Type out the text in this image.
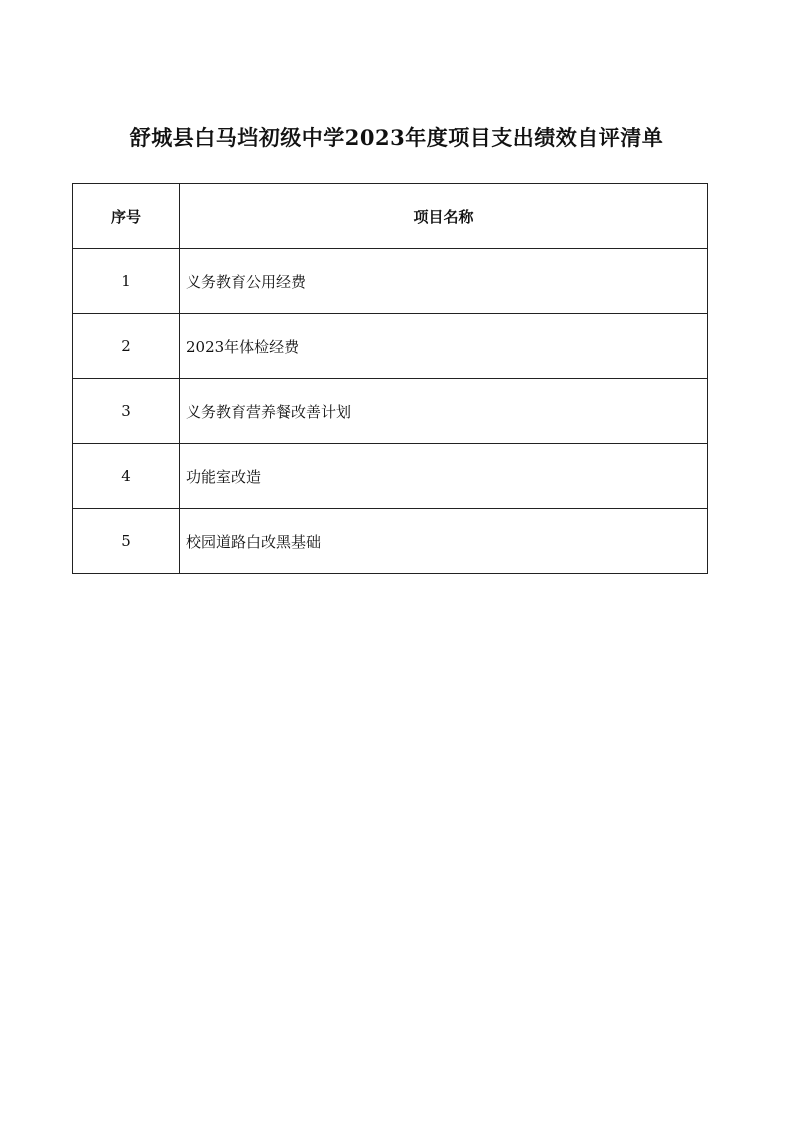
舒城县白马垱初级中学2023年度项目支出绩效自评清单
序号	项目名称
1	义务教育公用经费
2	2023年体检经费
3	义务教育营养餐改善计划
4	功能室改造
5	校园道路白改黑基础
